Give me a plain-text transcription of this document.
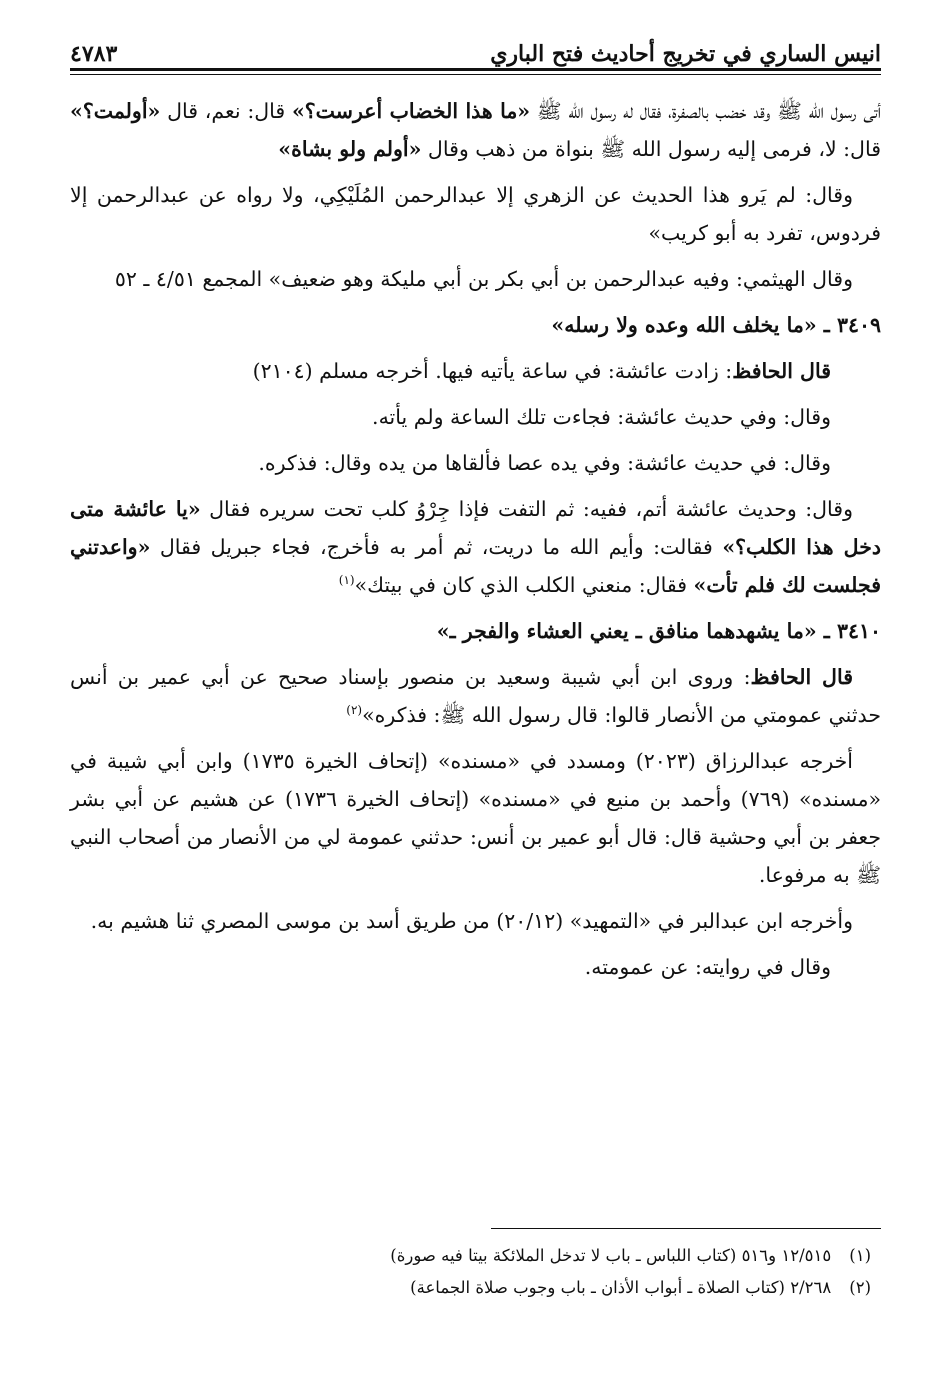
انيس الساري في تخريج أحاديث فتح الباري
٤٧٨٣

أتى رسول الله ﷺ وقد خضب بالصفرة، فقال له رسول الله ﷺ «ما هذا الخضاب أعرست؟» قال: نعم، قال «أولمت؟» قال: لا، فرمى إليه رسول الله ﷺ بنواة من ذهب وقال «أولم ولو بشاة»

وقال: لم يَرو هذا الحديث عن الزهري إلا عبدالرحمن المُلَيْكِي، ولا رواه عن عبدالرحمن إلا فردوس، تفرد به أبو كريب»

وقال الهيثمي: وفيه عبدالرحمن بن أبي بكر بن أبي مليكة وهو ضعيف» المجمع ٤/٥١ ـ ٥٢

٣٤٠٩ ـ «ما يخلف الله وعده ولا رسله»

قال الحافظ: زادت عائشة: في ساعة يأتيه فيها. أخرجه مسلم (٢١٠٤)

وقال: وفي حديث عائشة: فجاءت تلك الساعة ولم يأته.

وقال: في حديث عائشة: وفي يده عصا فألقاها من يده وقال: فذكره.

وقال: وحديث عائشة أتم، ففيه: ثم التفت فإذا جِرْوُ كلب تحت سريره فقال «يا عائشة متى دخل هذا الكلب؟» فقالت: وأيم الله ما دريت، ثم أمر به فأخرج، فجاء جبريل فقال «واعدتني فجلست لك فلم تأت» فقال: منعني الكلب الذي كان في بيتك»$^{(١)}$

٣٤١٠ ـ «ما يشهدهما منافق ـ يعني العشاء والفجر ـ»

قال الحافظ: وروى ابن أبي شيبة وسعيد بن منصور بإسناد صحيح عن أبي عمير بن أنس حدثني عمومتي من الأنصار قالوا: قال رسول الله ﷺ: فذكره»$^{(٢)}$

أخرجه عبدالرزاق (٢٠٢٣) ومسدد في «مسنده» (إتحاف الخيرة ١٧٣٥) وابن أبي شيبة في «مسنده» (٧٦٩) وأحمد بن منيع في «مسنده» (إتحاف الخيرة ١٧٣٦) عن هشيم عن أبي بشر جعفر بن أبي وحشية قال: قال أبو عمير بن أنس: حدثني عمومة لي من الأنصار من أصحاب النبي ﷺ به مرفوعا.

وأخرجه ابن عبدالبر في «التمهيد» (٢٠/١٢) من طريق أسد بن موسى المصري ثنا هشيم به.

وقال في روايته: عن عمومته.

(١)
١٢/٥١٥ و٥١٦ (كتاب اللباس ـ باب لا تدخل الملائكة بيتا فيه صورة)
(٢)
٢/٢٦٨ (كتاب الصلاة ـ أبواب الأذان ـ باب وجوب صلاة الجماعة)
